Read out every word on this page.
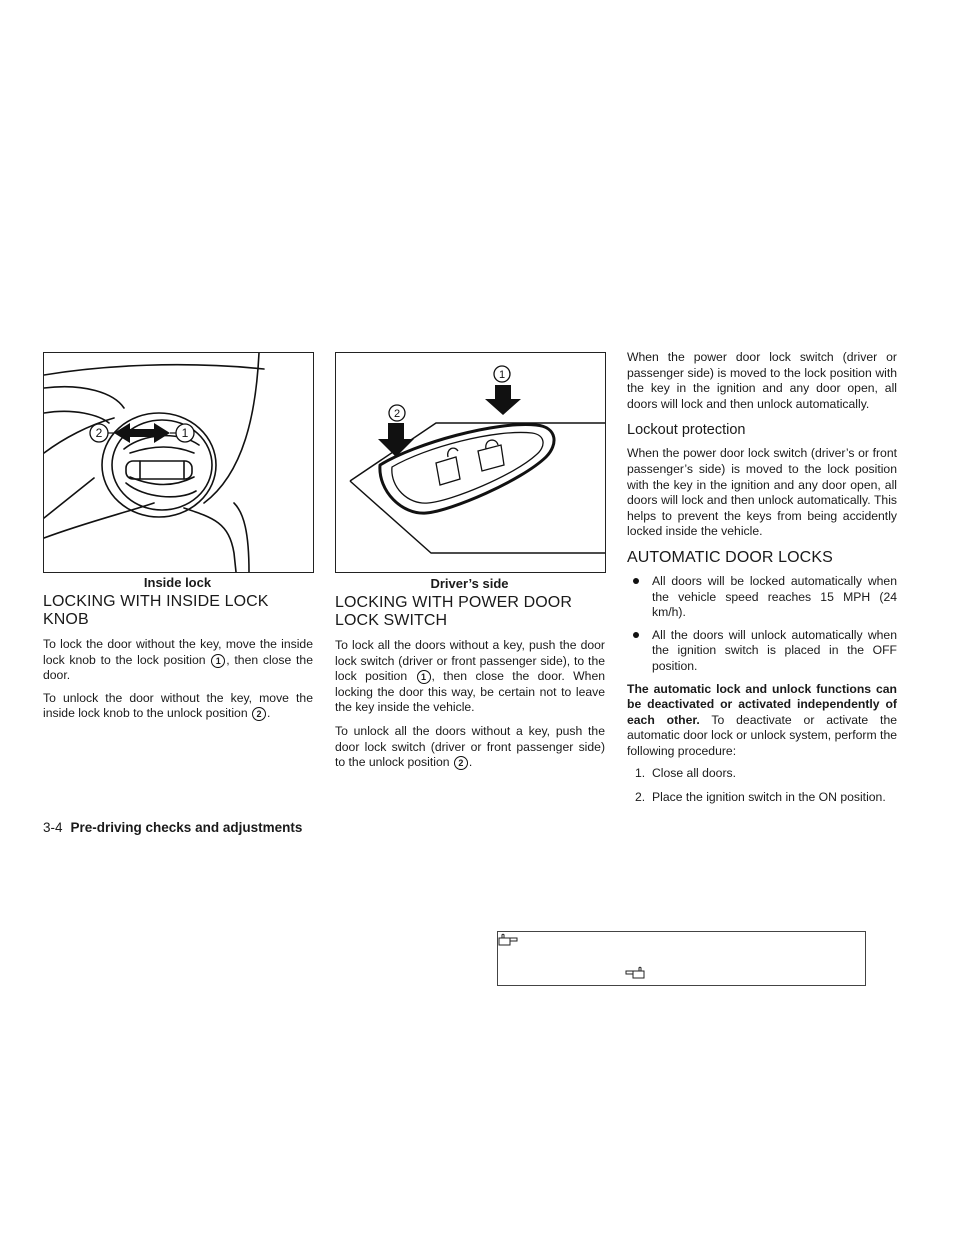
2	1
Inside lock
2
1
Driver’s side
LOCKING WITH INSIDE LOCK
KNOB

To lock the door without the key, move the inside lock knob to the lock position 1 , then close the door.

To unlock the door without the key, move the inside lock knob to the unlock position 2 .

LOCKING WITH POWER DOOR
LOCK SWITCH

To lock all the doors without a key, push the door lock switch (driver or front passenger side), to the lock position 1 , then close the door. When locking the door this way, be certain not to leave the key inside the vehicle.

To unlock all the doors without a key, push the door lock switch (driver or front passenger side) to the unlock position 2 .

When the power door lock switch (driver or passenger side) is moved to the lock position with the key in the ignition and any door open, all doors will lock and then unlock automatically.

Lockout protection

When the power door lock switch (driver’s or front passenger’s side) is moved to the lock position with the key in the ignition and any door open, all doors will lock and then unlock automatically. This helps to prevent the keys from being accidently locked inside the vehicle.

AUTOMATIC DOOR LOCKS
All doors will be locked automatically when the vehicle speed reaches 15 MPH (24 km/h).
All the doors will unlock automatically when the ignition switch is placed in the OFF position.

The automatic lock and unlock functions can be deactivated or activated independently of each other. To deactivate or activate the automatic door lock or unlock system, perform the following procedure:

1. Close all doors.
2. Place the ignition switch in the ON position.
3-4 Pre-driving checks and adjustments
